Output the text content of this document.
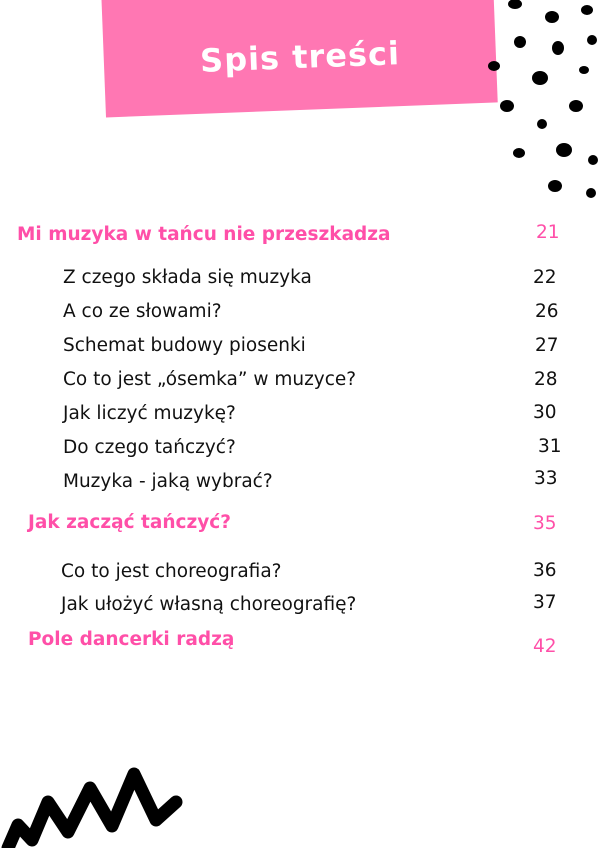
Spis treści
Mi muzyka w tańcu nie przeszkadza	21
Z czego składa się muzyka	22
A co ze słowami?	26
Schemat budowy piosenki	27
Co to jest „ósemka” w muzyce?	28
Jak liczyć muzykę?	30
Do czego tańczyć?	31
Muzyka - jaką wybrać?	33
Jak zacząć tańczyć?	35
Co to jest choreografia?	36
Jak ułożyć własną choreografię?	37
Pole dancerki radzą	42
